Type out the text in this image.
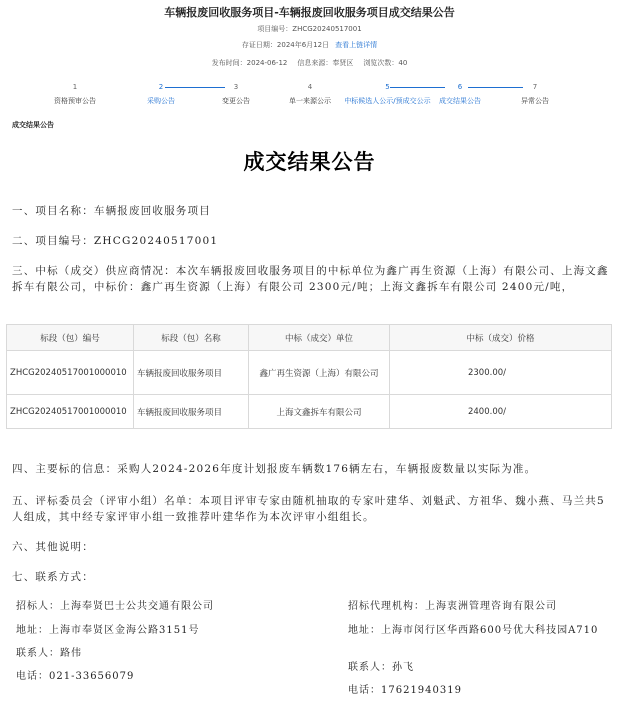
车辆报废回收服务项目-车辆报废回收服务项目成交结果公告
项目编号：ZHCG20240517001
存证日期：2024年6月12日 查看上链详情
发布时间：2024-06-12 信息来源：奉贤区 浏览次数：40
1
资格预审公告
2
采购公告
3
变更公告
4
单一来源公示
5
中标候选人公示/预成交公示
6
成交结果公告
7
异常公告
成交结果公告
成交结果公告
一、项目名称：车辆报废回收服务项目
二、项目编号：ZHCG20240517001
三、中标（成交）供应商情况：本次车辆报废回收服务项目的中标单位为鑫广再生资源（上海）有限公司、上海文鑫拆车有限公司，中标价：鑫广再生资源（上海）有限公司 2300元/吨；上海文鑫拆车有限公司 2400元/吨，
标段（包）编号	标段（包）名称	中标（成交）单位	中标（成交）价格
ZHCG20240517001000010	车辆报废回收服务项目	鑫广再生资源（上海）有限公司	2300.00/
ZHCG20240517001000010	车辆报废回收服务项目	上海文鑫拆车有限公司	2400.00/
四、主要标的信息：采购人2024-2026年度计划报废车辆数176辆左右，车辆报废数量以实际为准。
五、评标委员会（评审小组）名单：本项目评审专家由随机抽取的专家叶建华、刘魁武、方祖华、魏小燕、马兰共5人组成，其中经专家评审小组一致推荐叶建华作为本次评审小组组长。
六、其他说明：
七、联系方式：
招标人：上海奉贤巴士公共交通有限公司
地址：上海市奉贤区金海公路3151号
联系人：路伟
电话：021-33656079
招标代理机构：上海衷洲管理咨询有限公司
地址：上海市闵行区华西路600号优大科技园A710
联系人：孙飞
电话：17621940319
